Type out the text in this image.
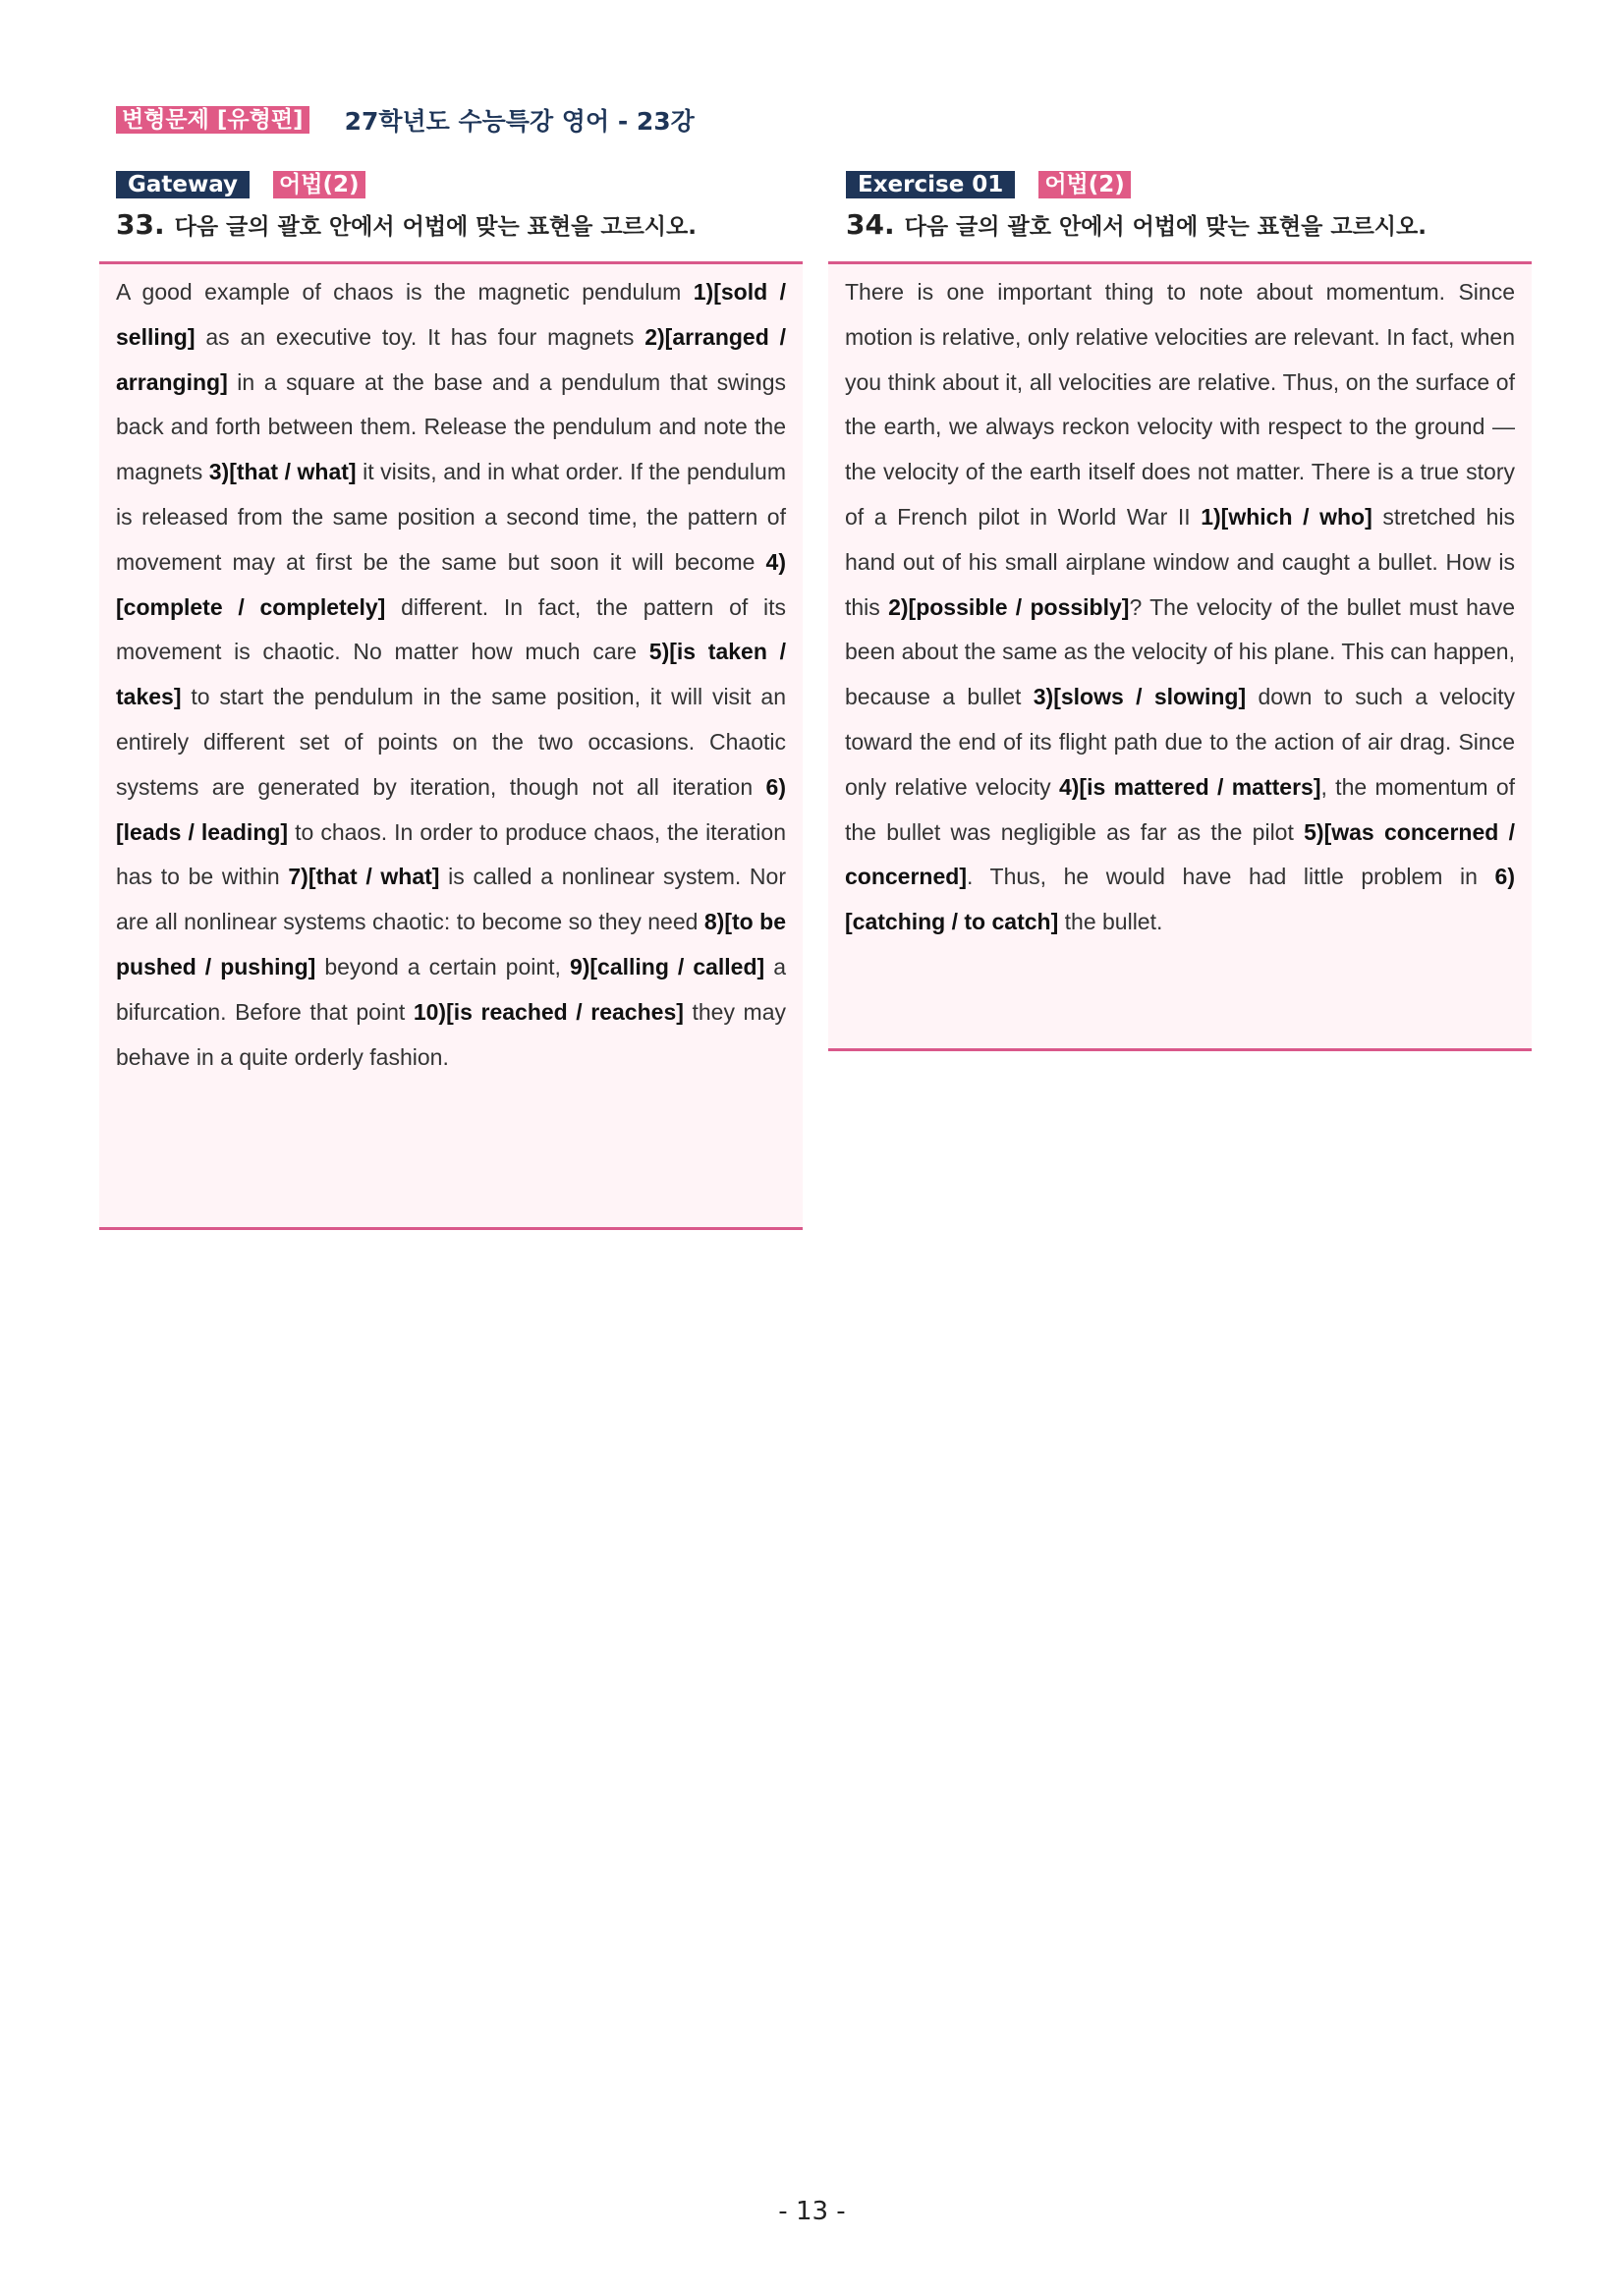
변형문제 [유형편] 27학년도 수능특강 영어 - 23강
Gateway	어법(2)
33. 다음 글의 괄호 안에서 어법에 맞는 표현을 고르시오.

A good example of chaos is the magnetic pendulum 1)[sold / selling] as an executive toy. It has four magnets 2)[arranged / arranging] in a square at the base and a pendulum that swings back and forth between them. Release the pendulum and note the magnets 3)[that / what] it visits, and in what order. If the pendulum is released from the same position a second time, the pattern of movement may at first be the same but soon it will become 4)[complete / completely] different. In fact, the pattern of its movement is chaotic. No matter how much care 5)[is taken / takes] to start the pendulum in the same position, it will visit an entirely different set of points on the two occasions. Chaotic systems are generated by iteration, though not all iteration 6)[leads / leading] to chaos. In order to produce chaos, the iteration has to be within 7)[that / what] is called a nonlinear system. Nor are all nonlinear systems chaotic: to become so they need 8)[to be pushed / pushing] beyond a certain point, 9)[calling / called] a bifurcation. Before that point 10)[is reached / reaches] they may behave in a quite orderly fashion.

Exercise 01	어법(2)
34. 다음 글의 괄호 안에서 어법에 맞는 표현을 고르시오.

There is one important thing to note about momentum. Since motion is relative, only relative velocities are relevant. In fact, when you think about it, all velocities are relative. Thus, on the surface of the earth, we always reckon velocity with respect to the ground — the velocity of the earth itself does not matter. There is a true story of a French pilot in World War II 1)[which / who] stretched his hand out of his small airplane window and caught a bullet. How is this 2)[possible / possibly]? The velocity of the bullet must have been about the same as the velocity of his plane. This can happen, because a bullet 3)[slows / slowing] down to such a velocity toward the end of its flight path due to the action of air drag. Since only relative velocity 4)[is mattered / matters], the momentum of the bullet was negligible as far as the pilot 5)[was concerned / concerned]. Thus, he would have had little problem in 6)[catching / to catch] the bullet.

- 13 -
